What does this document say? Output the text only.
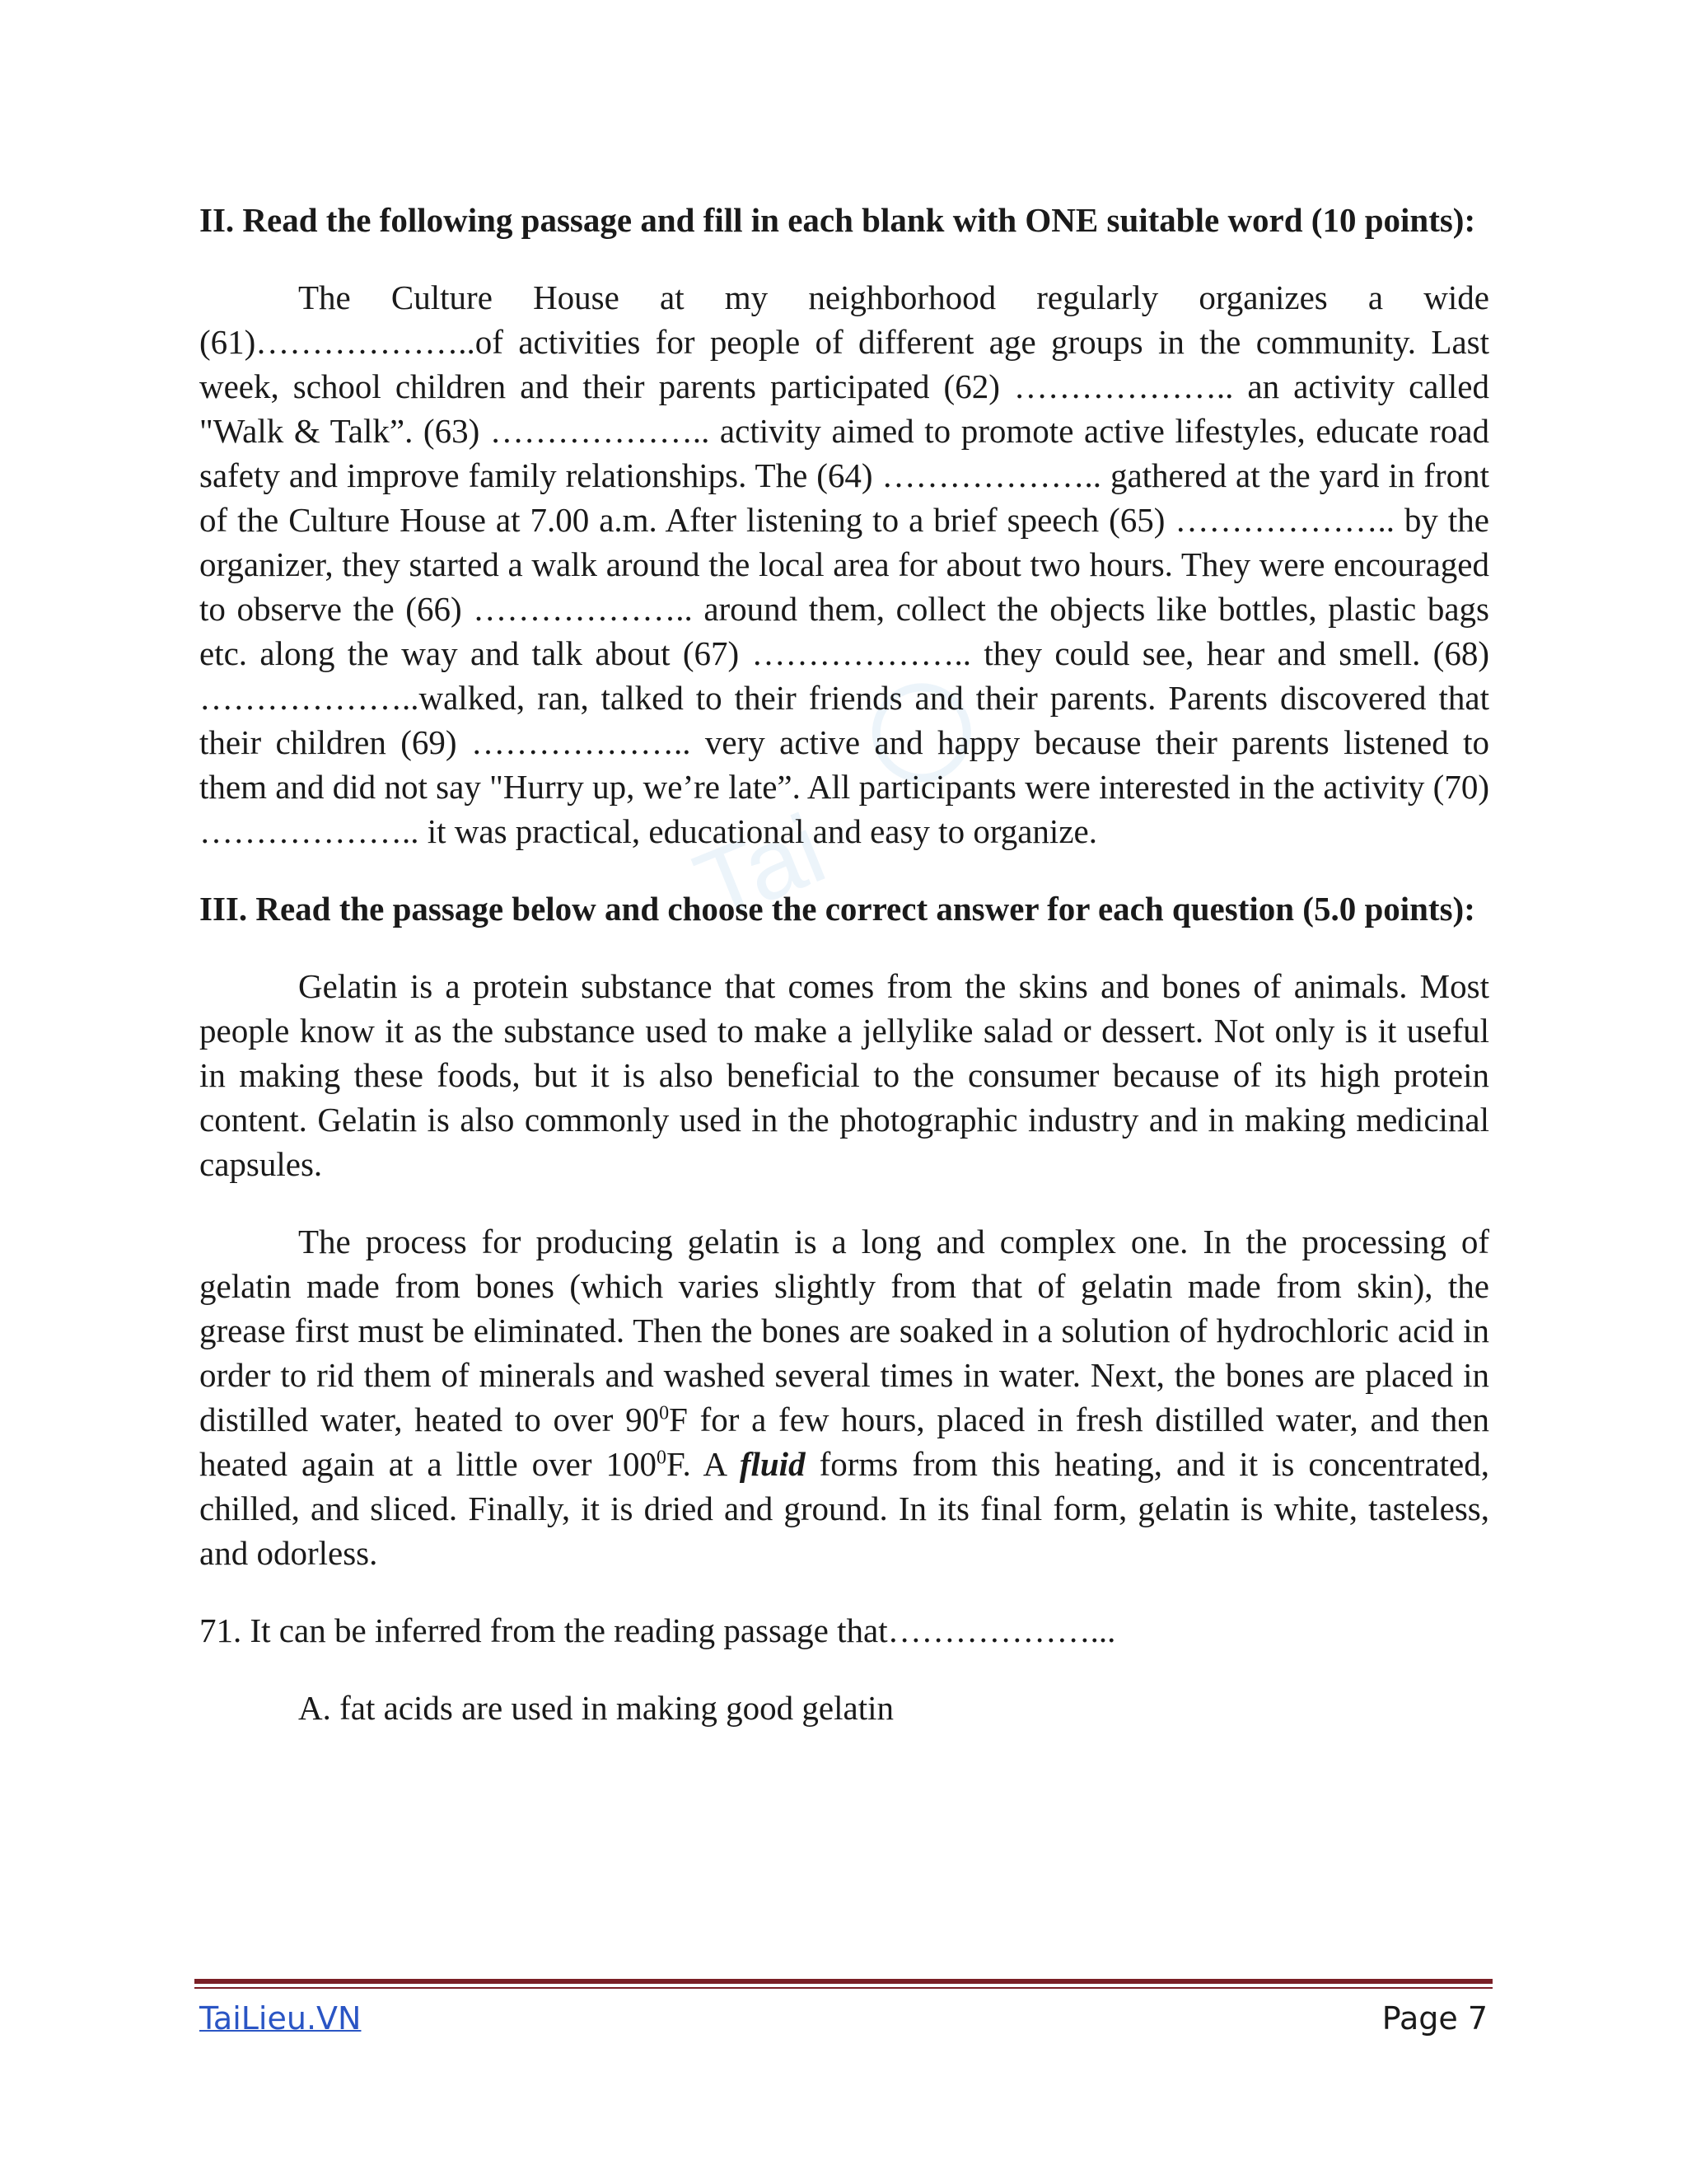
Tai

II. Read the following passage and fill in each blank with ONE suitable word (10 points):

The Culture House at my neighborhood regularly organizes a wide (61)………………..of activities for people of different age groups in the community. Last week, school children and their parents participated (62) ……………….. an activity called "Walk & Talk”. (63) ……………….. activity aimed to promote active lifestyles, educate road safety and improve family relationships. The (64) ……………….. gathered at the yard in front of the Culture House at 7.00 a.m. After listening to a brief speech (65) ……………….. by the organizer, they started a walk around the local area for about two hours. They were encouraged to observe the (66) ……………….. around them, collect the objects like bottles, plastic bags etc. along the way and talk about (67) ……………….. they could see, hear and smell. (68) ………………..walked, ran, talked to their friends and their parents. Parents discovered that their children (69) ……………….. very active and happy because their parents listened to them and did not say "Hurry up, we’re late”. All participants were interested in the activity (70) ……………….. it was practical, educational and easy to organize.

III. Read the passage below and choose the correct answer for each question (5.0 points):

Gelatin is a protein substance that comes from the skins and bones of animals. Most people know it as the substance used to make a jellylike salad or dessert. Not only is it useful in making these foods, but it is also beneficial to the consumer because of its high protein content. Gelatin is also commonly used in the photographic industry and in making medicinal capsules.

The process for producing gelatin is a long and complex one. In the processing of gelatin made from bones (which varies slightly from that of gelatin made from skin), the grease first must be eliminated. Then the bones are soaked in a solution of hydrochloric acid in order to rid them of minerals and washed several times in water. Next, the bones are placed in distilled water, heated to over $90^0F$ for a few hours, placed in fresh distilled water, and then heated again at a little over $100^0F$. A fluid forms from this heating, and it is concentrated, chilled, and sliced. Finally, it is dried and ground. In its final form, gelatin is white, tasteless, and odorless.

71. It can be inferred from the reading passage that………………...

A. fat acids are used in making good gelatin

TaiLieu.VN	Page 7
